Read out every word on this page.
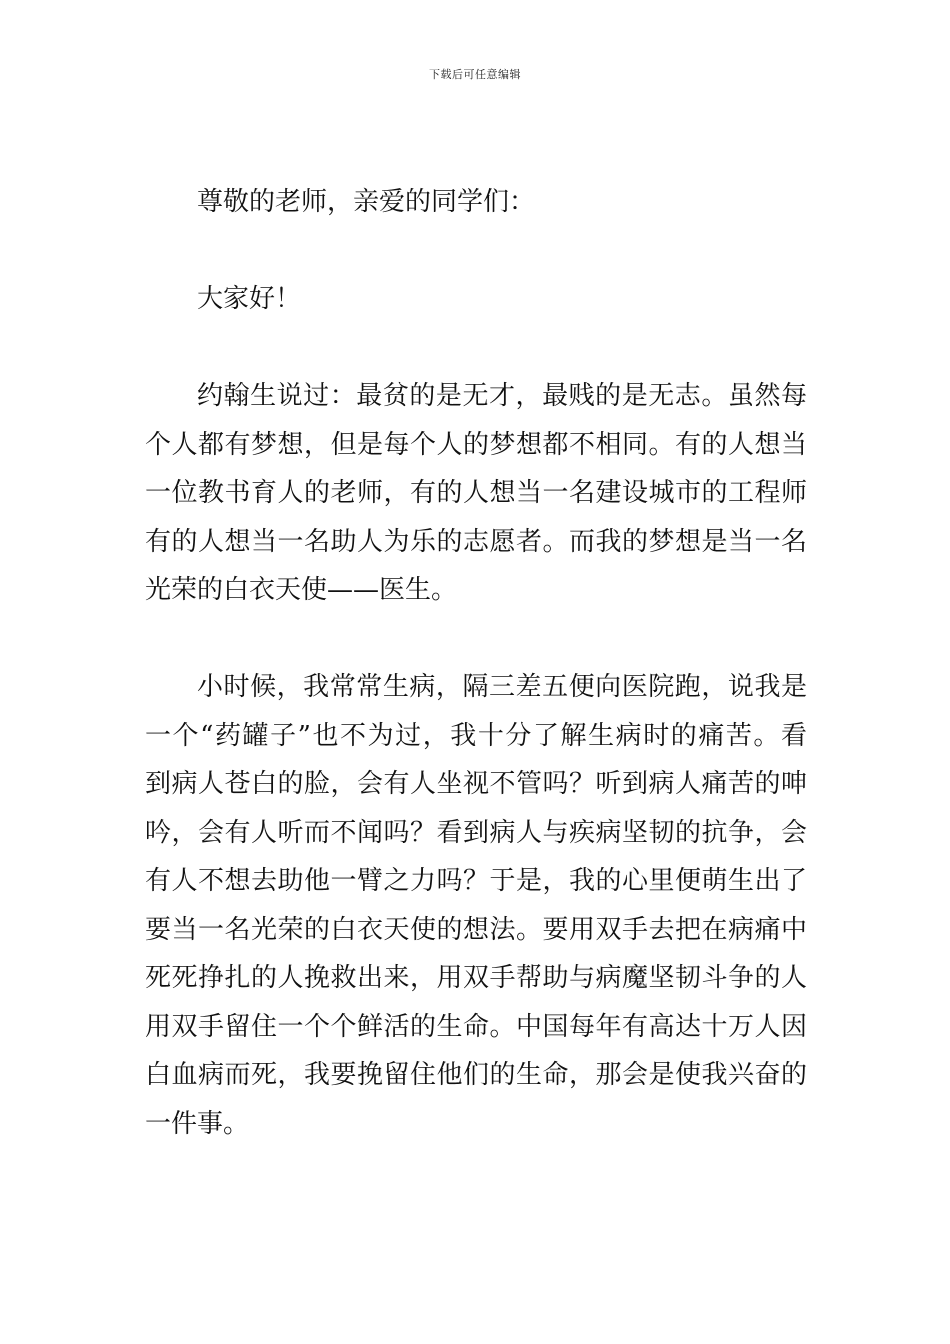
下载后可任意编辑

尊敬的老师，亲爱的同学们：

大家好！

约翰生说过：最贫的是无才，最贱的是无志。虽然每
个人都有梦想，但是每个人的梦想都不相同。有的人想当
一位教书育人的老师，有的人想当一名建设城市的工程师
有的人想当一名助人为乐的志愿者。而我的梦想是当一名
光荣的白衣天使——医生。

小时候，我常常生病，隔三差五便向医院跑，说我是
一个“药罐子”也不为过，我十分了解生病时的痛苦。看
到病人苍白的脸，会有人坐视不管吗？听到病人痛苦的呻
吟，会有人听而不闻吗？看到病人与疾病坚韧的抗争，会
有人不想去助他一臂之力吗？于是，我的心里便萌生出了
要当一名光荣的白衣天使的想法。要用双手去把在病痛中
死死挣扎的人挽救出来，用双手帮助与病魔坚韧斗争的人
用双手留住一个个鲜活的生命。中国每年有高达十万人因
白血病而死，我要挽留住他们的生命，那会是使我兴奋的
一件事。
